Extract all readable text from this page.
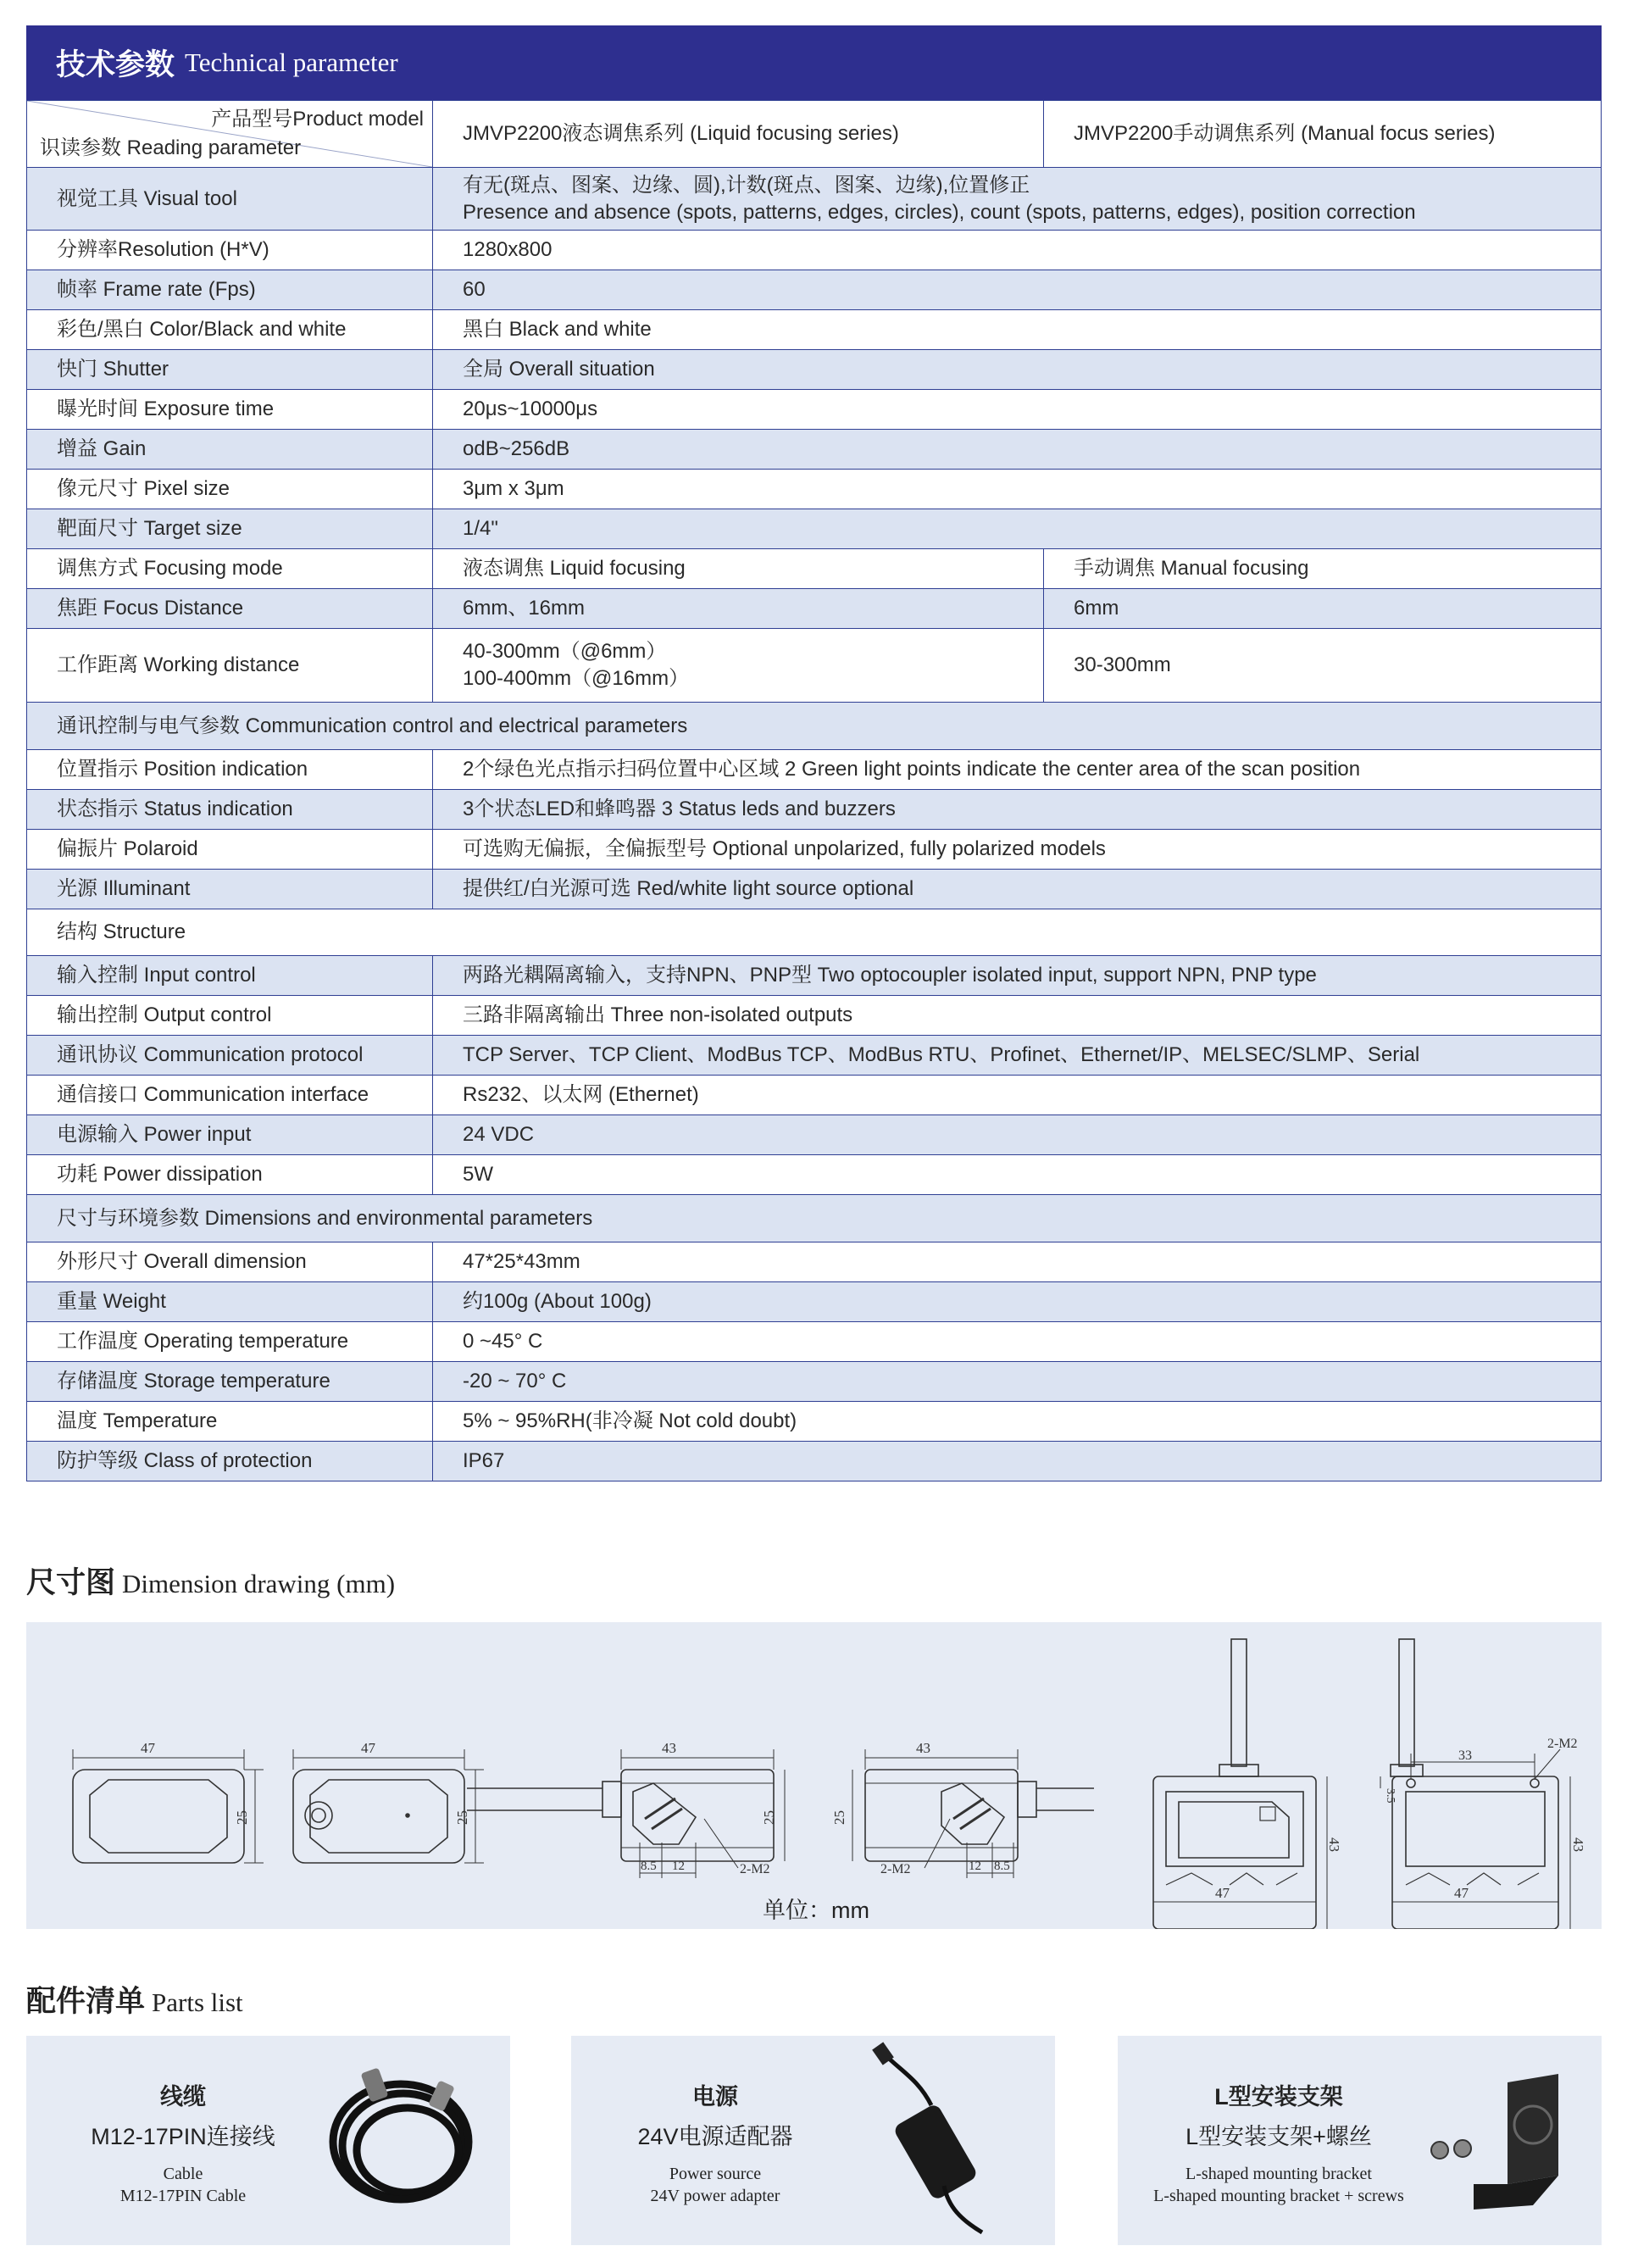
技术参数 Technical parameter
产品型号Product model
识读参数 Reading parameter	JMVP2200液态调焦系列 (Liquid focusing series)	JMVP2200手动调焦系列 (Manual focus series)
视觉工具 Visual tool	有无(斑点、图案、边缘、圆),计数(斑点、图案、边缘),位置修正
Presence and absence (spots, patterns, edges, circles), count (spots, patterns, edges), position correction	

分辨率Resolution (H*V)	1280x800	
帧率 Frame rate (Fps)	60	
彩色/黑白 Color/Black and white	黑白 Black and white	
快门 Shutter	全局 Overall situation	
曝光时间 Exposure time	20μs~10000μs	
增益 Gain	odB~256dB	
像元尺寸 Pixel size	3μm x 3μm	
靶面尺寸 Target size	1/4"	
调焦方式 Focusing mode	液态调焦 Liquid focusing	手动调焦 Manual focusing
焦距 Focus Distance	6mm、16mm	6mm
工作距离 Working distance	40-300mm（@6mm）
100-400mm（@16mm）	30-300mm
通讯控制与电气参数 Communication control and electrical parameters		
位置指示 Position indication	2个绿色光点指示扫码位置中心区域 2 Green light points indicate the center area of the scan position	
状态指示 Status indication	3个状态LED和蜂鸣器 3 Status leds and buzzers	
偏振片 Polaroid	可选购无偏振，全偏振型号 Optional unpolarized, fully polarized models	
光源 Illuminant	提供红/白光源可选 Red/white light source optional	
结构 Structure		
输入控制 Input control	两路光耦隔离输入，支持NPN、PNP型 Two optocoupler isolated input, support NPN, PNP type	
输出控制 Output control	三路非隔离输出 Three non-isolated outputs	
通讯协议 Communication protocol	TCP Server、TCP Client、ModBus TCP、ModBus RTU、Profinet、Ethernet/IP、MELSEC/SLMP、Serial	
通信接口 Communication interface	Rs232、以太网 (Ethernet)	
电源输入 Power input	24 VDC	
功耗 Power dissipation	5W	
尺寸与环境参数 Dimensions and environmental parameters		
外形尺寸 Overall dimension	47*25*43mm	
重量 Weight	约100g (About 100g)	
工作温度 Operating temperature	0 ~45° C	
存储温度 Storage temperature	-20 ~ 70° C	
温度 Temperature	5% ~ 95%RH(非冷凝 Not cold doubt)	
防护等级 Class of protection	IP67	
尺寸图 Dimension drawing (mm)
47
25
47
25
43
25
8.5 12	2-M2
43
25
12 8.5
2-M2
47
43
33
2-M2
3.5
47
43
单位：mm
配件清单 Parts list
线缆
M12-17PIN连接线
Cable
M12-17PIN Cable
电源
24V电源适配器
Power source
24V power adapter
L型安装支架
L型安装支架+螺丝
L-shaped mounting bracket
L-shaped mounting bracket + screws
